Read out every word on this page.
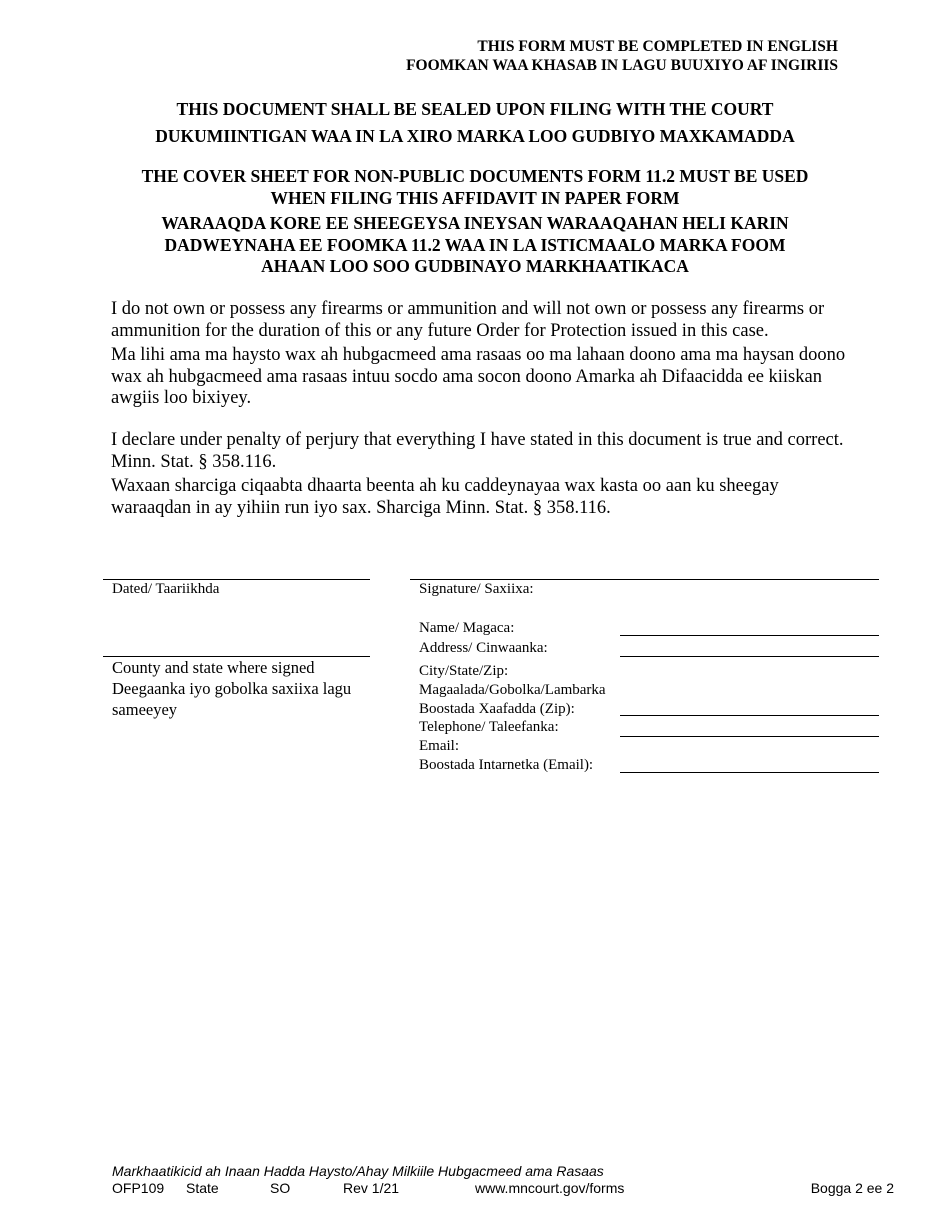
THIS FORM MUST BE COMPLETED IN ENGLISH
FOOMKAN WAA KHASAB IN LAGU BUUXIYO AF INGIRIIS
THIS DOCUMENT SHALL BE SEALED UPON FILING WITH THE COURT
DUKUMIINTIGAN WAA IN LA XIRO MARKA LOO GUDBIYO MAXKAMADDA
THE COVER SHEET FOR NON-PUBLIC DOCUMENTS FORM 11.2 MUST BE USED
WHEN FILING THIS AFFIDAVIT IN PAPER FORM
WARAAQDA KORE EE SHEEGEYSA INEYSAN WARAAQAHAN HELI KARIN
DADWEYNAHA EE FOOMKA 11.2 WAA IN LA ISTICMAALO MARKA FOOM
AHAAN LOO SOO GUDBINAYO MARKHAATIKACA

I do not own or possess any firearms or ammunition and will not own or possess any firearms or ammunition for the duration of this or any future Order for Protection issued in this case.

Ma lihi ama ma haysto wax ah hubgacmeed ama rasaas oo ma lahaan doono ama ma haysan doono wax ah hubgacmeed ama rasaas intuu socdo ama socon doono Amarka ah Difaacidda ee kiiskan awgiis loo bixiyey.

I declare under penalty of perjury that everything I have stated in this document is true and correct. Minn. Stat. § 358.116.

Waxaan sharciga ciqaabta dhaarta beenta ah ku caddeynayaa wax kasta oo aan ku sheegay waraaqdan in ay yihiin run iyo sax. Sharciga Minn. Stat. § 358.116.

Dated/ Taariikhda
County and state where signed
Deegaanka iyo gobolka saxiixa lagu
sameeyey
Signature/ Saxiixa:
Name/ Magaca:
Address/ Cinwaanka:
City/State/Zip:
Magaalada/Gobolka/Lambarka
Boostada Xaafadda (Zip):
Telephone/ Taleefanka:
Email:
Boostada Intarnetka (Email):
Markhaatikicid ah Inaan Hadda Haysto/Ahay Milkiile Hubgacmeed ama Rasaas
OFP109 State	SO	Rev 1/21	www.mncourt.gov/forms	Bogga 2 ee 2
